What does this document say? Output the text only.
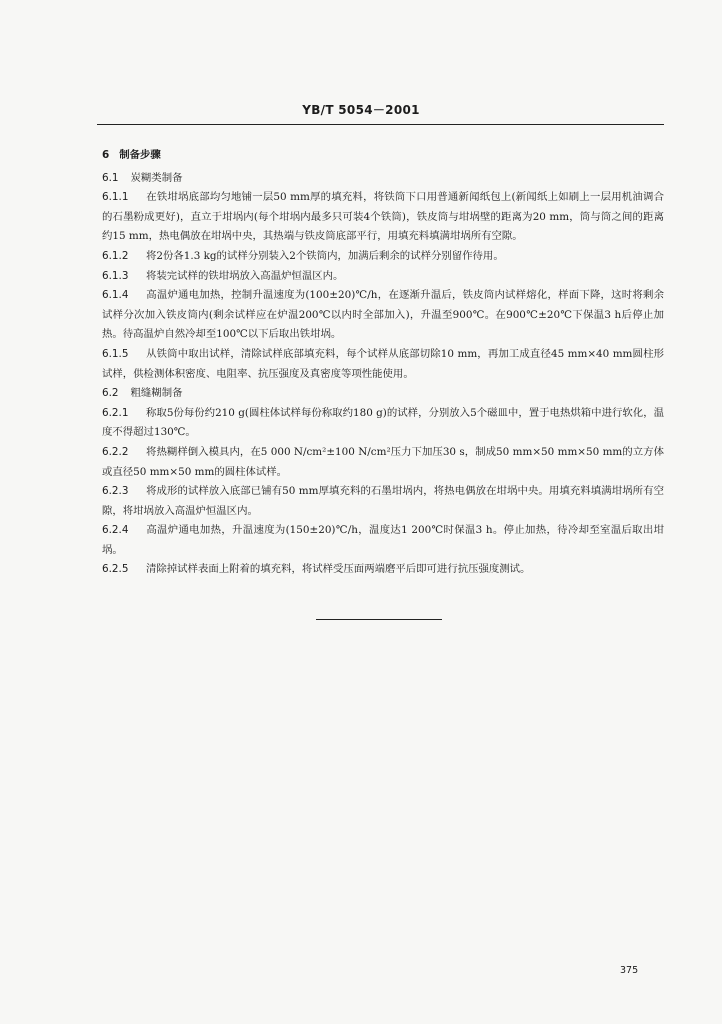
YB/T 5054－2001
6 制备步骤
6.1 炭糊类制备

6.1.1 在铁坩埚底部均匀地铺一层50 mm厚的填充料，将铁筒下口用普通新闻纸包上(新闻纸上如刷上一层用机油调合的石墨粉成更好)，直立于坩埚内(每个坩埚内最多只可装4个铁筒)，铁皮筒与坩埚壁的距离为20 mm，筒与筒之间的距离约15 mm，热电偶放在坩埚中央，其热端与铁皮筒底部平行，用填充料填满坩埚所有空隙。

6.1.2 将2份各1.3 kg的试样分别装入2个铁筒内，加满后剩余的试样分别留作待用。

6.1.3 将装完试样的铁坩埚放入高温炉恒温区内。

6.1.4 高温炉通电加热，控制升温速度为(100±20)℃/h，在逐渐升温后，铁皮筒内试样熔化，样面下降，这时将剩余试样分次加入铁皮筒内(剩余试样应在炉温200℃以内时全部加入)，升温至900℃。在900℃±20℃下保温3 h后停止加热。待高温炉自然冷却至100℃以下后取出铁坩埚。

6.1.5 从铁筒中取出试样，清除试样底部填充料，每个试样从底部切除10 mm，再加工成直径45 mm×40 mm圆柱形试样，供检测体积密度、电阻率、抗压强度及真密度等项性能使用。

6.2 粗缝糊制备

6.2.1 称取5份每份约210 g(圆柱体试样每份称取约180 g)的试样，分别放入5个磁皿中，置于电热烘箱中进行软化，温度不得超过130℃。

6.2.2 将热糊样倒入模具内，在5 000 N/cm²±100 N/cm²压力下加压30 s，制成50 mm×50 mm×50 mm的立方体或直径50 mm×50 mm的圆柱体试样。

6.2.3 将成形的试样放入底部已铺有50 mm厚填充料的石墨坩埚内，将热电偶放在坩埚中央。用填充料填满坩埚所有空隙，将坩埚放入高温炉恒温区内。

6.2.4 高温炉通电加热，升温速度为(150±20)℃/h，温度达1 200℃时保温3 h。停止加热，待冷却至室温后取出坩埚。

6.2.5 清除掉试样表面上附着的填充料，将试样受压面两端磨平后即可进行抗压强度测试。

375
